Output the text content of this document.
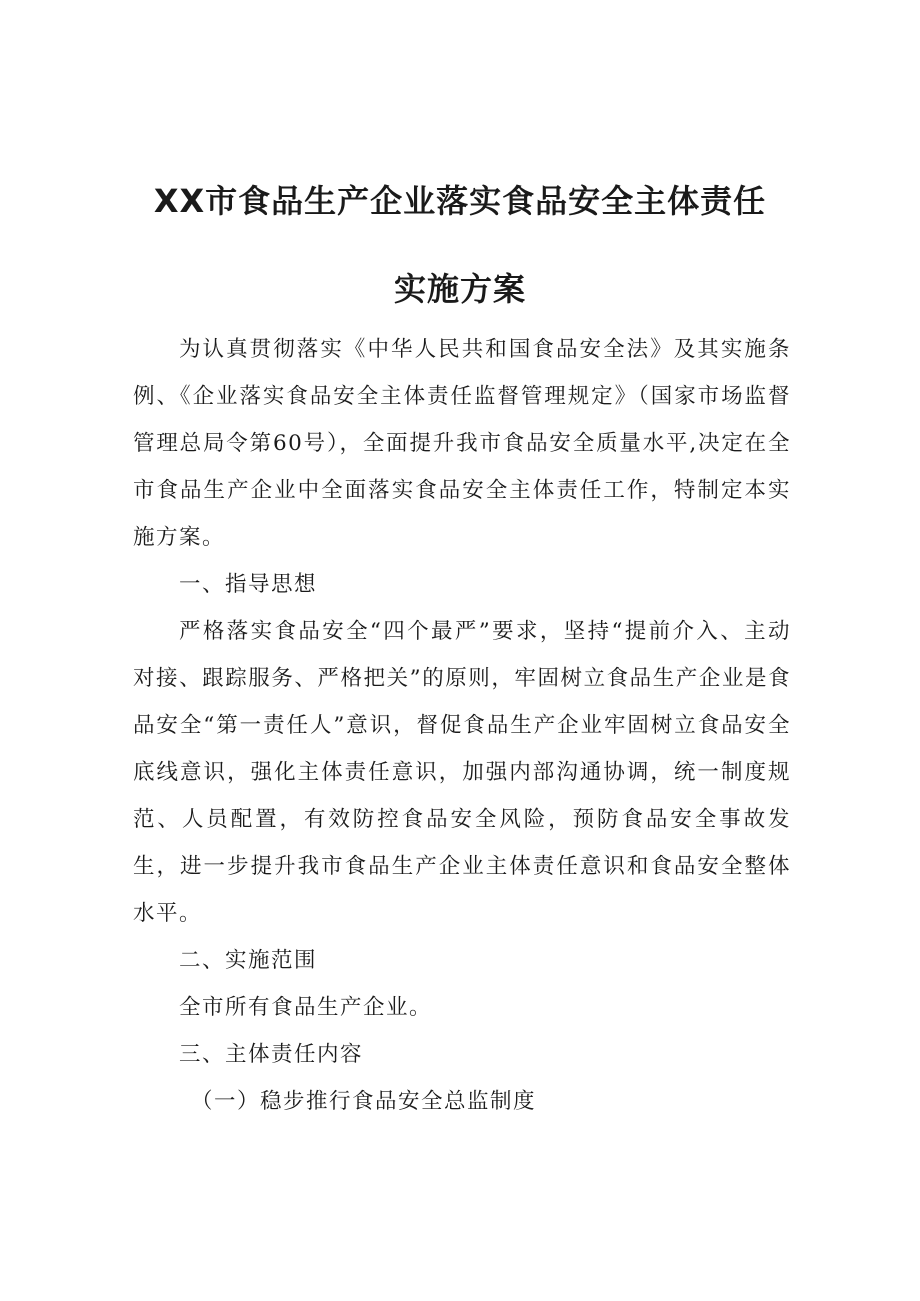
XX市食品生产企业落实食品安全主体责任
实施方案

为认真贯彻落实《中华人民共和国食品安全法》及其实施条例、《企业落实食品安全主体责任监督管理规定》（国家市场监督管理总局令第60号），全面提升我市食品安全质量水平,决定在全市食品生产企业中全面落实食品安全主体责任工作，特制定本实施方案。

一、指导思想

严格落实食品安全“四个最严”要求，坚持“提前介入、主动对接、跟踪服务、严格把关”的原则，牢固树立食品生产企业是食品安全“第一责任人”意识，督促食品生产企业牢固树立食品安全底线意识，强化主体责任意识，加强内部沟通协调，统一制度规范、人员配置，有效防控食品安全风险，预防食品安全事故发生，进一步提升我市食品生产企业主体责任意识和食品安全整体水平。

二、实施范围

全市所有食品生产企业。

三、主体责任内容

（一）稳步推行食品安全总监制度
